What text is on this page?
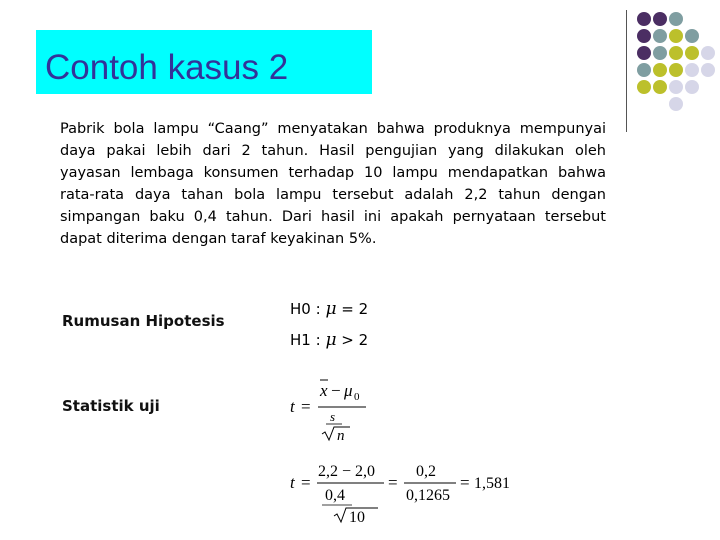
Contoh kasus 2

Pabrik bola lampu “Caang” menyatakan bahwa produknya mempunyai daya pakai lebih dari 2 tahun. Hasil pengujian yang dilakukan oleh yayasan lembaga konsumen terhadap 10 lampu mendapatkan bahwa rata-rata daya tahan bola lampu tersebut adalah 2,2 tahun dengan simpangan baku 0,4 tahun. Dari hasil ini apakah pernyataan tersebut dapat diterima dengan taraf keyakinan 5%.

Rumusan Hipotesis
Statistik uji
H0 : μ = 2
H1 : μ > 2
t =
x − μ 0
s
n
t =
2,2 − 2,0
0,4
10
=
0,2
0,1265
= 1,581
